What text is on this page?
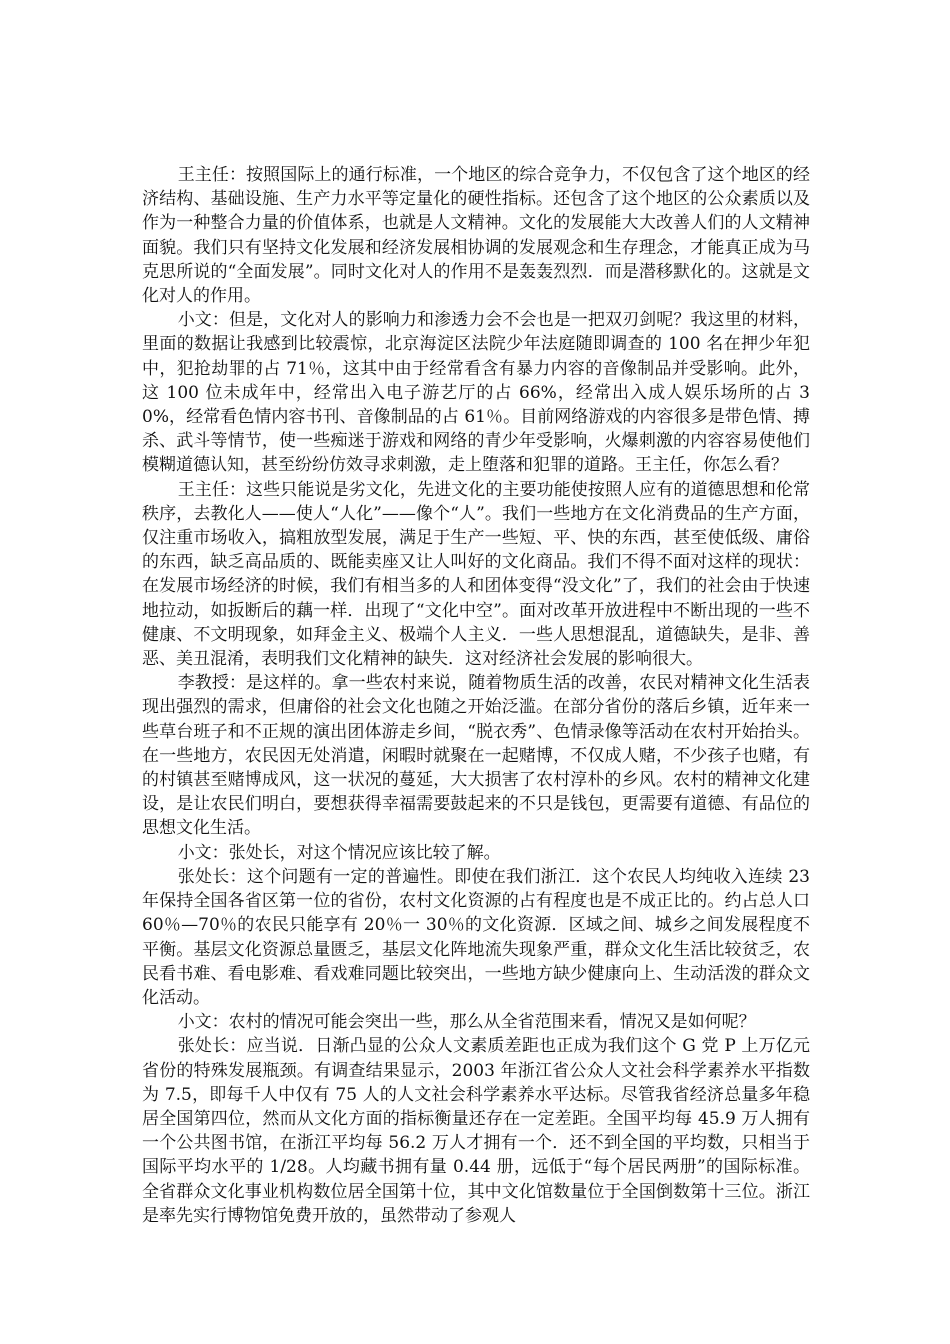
王主任：按照国际上的通行标准，一个地区的综合竞争力，不仅包含了这个地区的经济结构、基础设施、生产力水平等定量化的硬性指标。还包含了这个地区的公众素质以及作为一种整合力量的价值体系，也就是人文精神。文化的发展能大大改善人们的人文精神面貌。我们只有坚持文化发展和经济发展相协调的发展观念和生存理念，才能真正成为马克思所说的“全面发展”。同时文化对人的作用不是轰轰烈烈．而是潜移默化的。这就是文化对人的作用。

小文：但是，文化对人的影响力和渗透力会不会也是一把双刃剑呢？我这里的材料，里面的数据让我感到比较震惊，北京海淀区法院少年法庭随即调查的 100 名在押少年犯中，犯抢劫罪的占 71％，这其中由于经常看含有暴力内容的音像制品并受影响。此外，这 100 位未成年中，经常出入电子游艺厅的占 66%，经常出入成人娱乐场所的占 30%，经常看色情内容书刊、音像制品的占 61％。目前网络游戏的内容很多是带色情、搏杀、武斗等情节，使一些痴迷于游戏和网络的青少年受影响，火爆刺激的内容容易使他们模糊道德认知，甚至纷纷仿效寻求刺激，走上堕落和犯罪的道路。王主任，你怎么看？

王主任：这些只能说是劣文化，先进文化的主要功能使按照人应有的道德思想和伦常秩序，去教化人——使人“人化”——像个“人”。我们一些地方在文化消费品的生产方面，仅注重市场收入，搞粗放型发展，满足于生产一些短、平、快的东西，甚至使低级、庸俗的东西，缺乏高品质的、既能卖座又让人叫好的文化商品。我们不得不面对这样的现状：在发展市场经济的时候，我们有相当多的人和团体变得“没文化”了，我们的社会由于快速地拉动，如扳断后的藕一样．出现了“文化中空”。面对改革开放进程中不断出现的一些不健康、不文明现象，如拜金主义、极端个人主义．一些人思想混乱，道德缺失，是非、善恶、美丑混淆，表明我们文化精神的缺失．这对经济社会发展的影响很大。

李教授：是这样的。拿一些农村来说，随着物质生活的改善，农民对精神文化生活表现出强烈的需求，但庸俗的社会文化也随之开始泛滥。在部分省份的落后乡镇，近年来一些草台班子和不正规的演出团体游走乡间，“脱衣秀”、色情录像等活动在农村开始抬头。在一些地方，农民因无处消遣，闲暇时就聚在一起赌博，不仅成人赌，不少孩子也赌，有的村镇甚至赌博成风，这一状况的蔓延，大大损害了农村淳朴的乡风。农村的精神文化建设，是让农民们明白，要想获得幸福需要鼓起来的不只是钱包，更需要有道德、有品位的思想文化生活。

小文：张处长，对这个情况应该比较了解。

张处长：这个问题有一定的普遍性。即使在我们浙江．这个农民人均纯收入连续 23 年保持全国各省区第一位的省份，农村文化资源的占有程度也是不成正比的。约占总人口 60％—70％的农民只能享有 20％一 30％的文化资源．区域之间、城乡之间发展程度不平衡。基层文化资源总量匮乏，基层文化阵地流失现象严重，群众文化生活比较贫乏，农民看书难、看电影难、看戏难同题比较突出，一些地方缺少健康向上、生动活泼的群众文化活动。

小文：农村的情况可能会突出一些，那么从全省范围来看，情况又是如何呢？

张处长：应当说．日渐凸显的公众人文素质差距也正成为我们这个 G 党 P 上万亿元省份的特殊发展瓶颈。有调查结果显示，2003 年浙江省公众人文社会科学素养水平指数为 7.5，即每千人中仅有 75 人的人文社会科学素养水平达标。尽管我省经济总量多年稳居全国第四位，然而从文化方面的指标衡量还存在一定差距。全国平均每 45.9 万人拥有一个公共图书馆，在浙江平均每 56.2 万人才拥有一个．还不到全国的平均数，只相当于国际平均水平的 1/28。人均藏书拥有量 0.44 册，远低于“每个居民两册”的国际标准。全省群众文化事业机构数位居全国第十位，其中文化馆数量位于全国倒数第十三位。浙江是率先实行博物馆免费开放的，虽然带动了参观人
